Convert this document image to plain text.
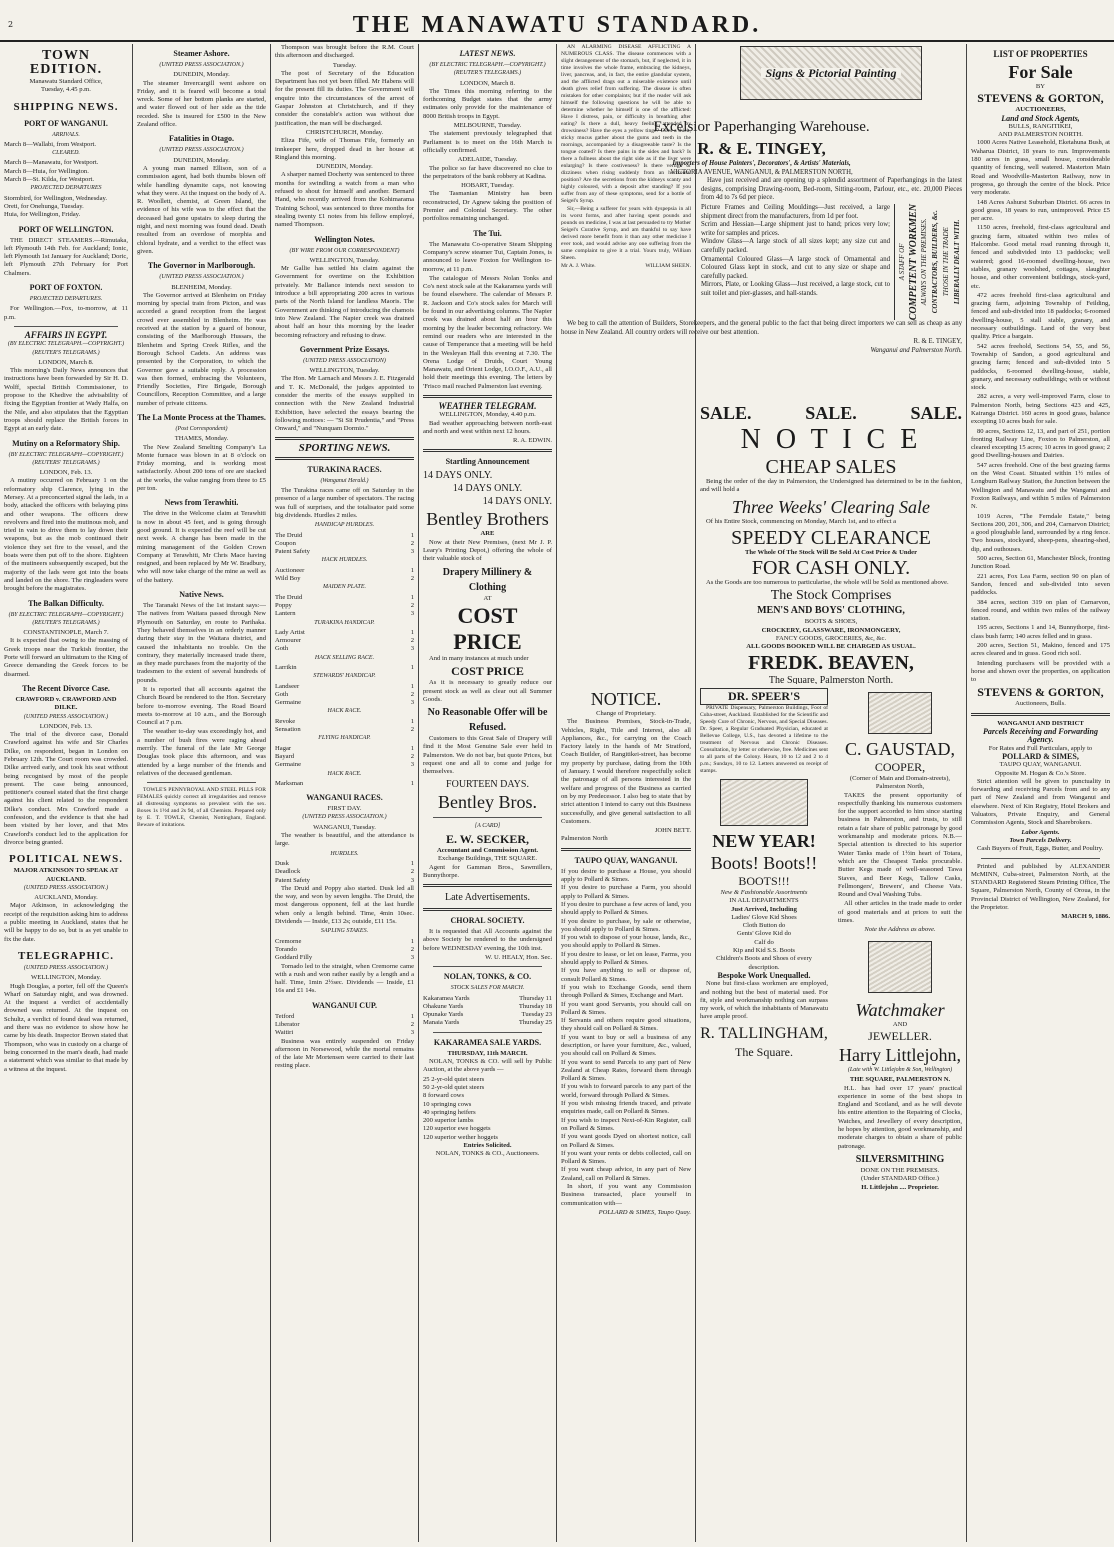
2	THE MANAWATU STANDARD.
TOWN EDITION.
Manawatu Standard Office,
Tuesday, 4.45 p.m.
SHIPPING NEWS.
PORT OF WANGANUI.
ARRIVALS.
March 8—Wallabi, from Westport.
CLEARED.
March 8—Manawatu, for Westport.
March 8—Huia, for Wellington.
March 8—St. Kilda, for Westport.
PROJECTED DEPARTURES
Stormbird, for Wellington, Wednesday.
Oreti, for Onehunga, Tuesday.
Huia, for Wellington, Friday.
PORT OF WELLINGTON.

THE DIRECT STEAMERS.—Rimutaka, left Plymouth 14th Feb. for Auckland; Ionic, left Plymouth 1st January for Auckland; Doric, left Plymouth 27th February for Port Chalmers.

PORT OF FOXTON.
PROJECTED DEPARTURES.

For Wellington.—Fox, to-morrow, at 11 p.m.

AFFAIRS IN EGYPT.
(BY ELECTRIC TELEGRAPH.—COPYRIGHT.) (REUTER'S TELEGRAMS.)
LONDON, March 8.

This morning's Daily News announces that instructions have been forwarded by Sir H. D. Wolff, special British Commissioner, to propose to the Khedive the advisability of fixing the Egyptian frontier at Wady Halfa, on the Nile, and also stipulates that the Egyptian troops should replace the British forces in Egypt at an early date.

Mutiny on a Reformatory Ship.
(BY ELECTRIC TELEGRAPH—COPYRIGHT.) (REUTERS' TELEGRAMS.)
LONDON, Feb. 13.

A mutiny occurred on February 1 on the reformatory ship Clarence, lying in the Mersey. At a preconcerted signal the lads, in a body, attacked the officers with belaying pins and other weapons. The officers drew revolvers and fired into the mutinous mob, and tried in vain to drive them to lay down their weapons, but as the mob continued their violence they set fire to the vessel, and the boats were then put off to the shore. Eighteen of the mutineers subsequently escaped, but the majority of the lads were got into the boats and landed on the shore. The ringleaders were brought before the magistrates.

The Balkan Difficulty.
(BY ELECTRIC TELEGRAPH—COPYRIGHT.) (REUTER'S TELEGRAMS.)
CONSTANTINOPLE, March 7.

It is expected that owing to the massing of Greek troops near the Turkish frontier, the Porte will forward an ultimatum to the King of Greece demanding the Greek forces to be disarmed.

The Recent Divorce Case.
CRAWFORD v. CRAWFORD AND DILKE.
(UNITED PRESS ASSOCIATION.)
LONDON, Feb. 13.

The trial of the divorce case, Donald Crawford against his wife and Sir Charles Dilke, on respondent, began in London on February 12th. The Court room was crowded. Dilke arrived early, and took his seat without being recognised by most of the people present. The case being announced, petitioner's counsel stated that the first charge against his client related to the respondent Dilke's conduct. Mrs Crawford made a confession, and the evidence is that she had been visited by her lover, and that Mrs Crawford's conduct led to the application for divorce being granted.

POLITICAL NEWS.
MAJOR ATKINSON TO SPEAK AT AUCKLAND.
(UNITED PRESS ASSOCIATION.)
AUCKLAND, Monday.

Major Atkinson, in acknowledging the receipt of the requisition asking him to address a public meeting in Auckland, states that he will be happy to do so, but is as yet unable to fix the date.

TELEGRAPHIC.
(UNITED PRESS ASSOCIATION.)
WELLINGTON, Monday.

Hugh Douglas, a porter, fell off the Queen's Wharf on Saturday night, and was drowned. At the inquest a verdict of accidentally drowned was returned. At the inquest on Schultz, a verdict of found dead was returned, and there was no evidence to show how he came by his death. Inspector Brown stated that Thompson, who was in custody on a charge of being concerned in the man's death, had made a statement which was similar to that made by a witness at the inquest.

Steamer Ashore.
(UNITED PRESS ASSOCIATION.)
DUNEDIN, Monday.

The steamer Invercargill went ashore on Friday, and it is feared will become a total wreck. Some of her bottom planks are started, and water flowed out of her side as the tide receded. She is insured for £500 in the New Zealand office.

Fatalities in Otago.
(UNITED PRESS ASSOCIATION.)
DUNEDIN, Monday.

A young man named Ellison, son of a commission agent, had both thumbs blown off while handling dynamite caps, not knowing what they were. At the inquest on the body of A. R. Woollett, chemist, at Green Island, the evidence of his wife was to the effect that the deceased had gone upstairs to sleep during the night, and next morning was found dead. Death resulted from an overdose of morphia and chloral hydrate, and a verdict to the effect was given.

The Governor in Marlborough.
(UNITED PRESS ASSOCIATION.)
BLENHEIM, Monday.

The Governor arrived at Blenheim on Friday morning by special train from Picton, and was accorded a grand reception from the largest crowd ever assembled in Blenheim. He was received at the station by a guard of honour, consisting of the Marlborough Hussars, the Blenheim and Spring Creek Rifles, and the Borough School Cadets. An address was presented by the Corporation, to which the Governor gave a suitable reply. A procession was then formed, embracing the Volunteers, Friendly Societies, Fire Brigade, Borough Councillors, Reception Committee, and a large number of private citizens.

The La Monte Process at the Thames.
(Post Correspondent)
THAMES, Monday.

The New Zealand Smelting Company's La Monte furnace was blown in at 8 o'clock on Friday morning, and is working most satisfactorily. About 200 tons of ore are stacked at the works, the value ranging from three to £5 per ton.

News from Terawhiti.

The drive in the Welcome claim at Terawhiti is now in about 45 feet, and is going through good ground. It is expected the reef will be cut next week. A change has been made in the mining management of the Golden Crown Company at Terawhiti, Mr Chris Mace having resigned, and been replaced by Mr W. Bradbury, who will now take charge of the mine as well as of the battery.

Native News.

The Taranaki News of the 1st instant says:—The natives from Waitara passed through New Plymouth on Saturday, en route to Parihaka. They behaved themselves in an orderly manner during their stay in the Waitara district, and caused the inhabitants no trouble. On the contrary, they materially increased trade there, as they made purchases from the majority of the tradesmen to the extent of several hundreds of pounds.

It is reported that all accounts against the Church Board be rendered to the Hon. Secretary before to-morrow evening. The Road Board meets to-morrow at 10 a.m., and the Borough Council at 7 p.m.

The weather to-day was exceedingly hot, and a number of bush fires were raging ahead merrily. The funeral of the late Mr George Douglas took place this afternoon, and was attended by a large number of the friends and relatives of the deceased gentleman.

TOWLE'S PENNYROYAL AND STEEL PILLS FOR FEMALES quickly correct all irregularities and remove all distressing symptoms so prevalent with the sex. Boxes 1s 1½d and 2s 9d, of all Chemists. Prepared only by E. T. TOWLE, Chemist, Nottingham, England. Beware of imitations.

Thompson was brought before the R.M. Court this afternoon and discharged.

Tuesday.

The post of Secretary of the Education Department has not yet been filled. Mr Habens will for the present fill its duties. The Government will enquire into the circumstances of the arrest of Gaspar Johnston at Christchurch, and if they consider the constable's action was without due justification, the man will be discharged.

CHRISTCHURCH, Monday.

Eliza Fife, wife of Thomas Fife, formerly an innkeeper here, dropped dead in her house at Ringland this morning.

DUNEDIN, Monday.

A sharper named Docherty was sentenced to three months for swindling a watch from a man who refused to shout for himself and another. Bernard Hand, who recently arrived from the Kohimarama Training School, was sentenced to three months for stealing twenty £1 notes from his fellow employé, named Thompson.

Wellington Notes.
(BY WIRE FROM OUR CORRESPONDENT)
WELLINGTON, Tuesday.

Mr Gallie has settled his claim against the Government for overtime on the Exhibition privately. Mr Ballance intends next session to introduce a bill appropriating 200 acres in various parts of the North Island for landless Maoris. The Government are thinking of introducing the chamois into New Zealand. The Napier creek was drained about half an hour this morning by the leader becoming refractory and refusing to draw.

Government Prize Essays.
(UNITED PRESS ASSOCIATION)
WELLINGTON, Tuesday.

The Hon. Mr Larnach and Messrs J. E. Fitzgerald and T. K. McDonald, the judges appointed to consider the merits of the essays supplied in connection with the New Zealand Industrial Exhibition, have selected the essays bearing the following mottoes: — "Si Sit Prudentia," and "Press Onward," and "Nunquam Dormio."

SPORTING NEWS.
TURAKINA RACES.
(Wanganui Herald.)

The Turakina races came off on Saturday in the presence of a large number of spectators. The racing was full of surprises, and the totalisator paid some big dividends. Hurdles 2 miles.

HANDICAP HURDLES.
The Druid	1
Coupon	2
Patent Safety	3
HACK HURDLES.
Auctioneer	1
Wild Boy	2
MAIDEN PLATE.
The Druid	1
Poppy	2
Lantern	3
TURAKINA HANDICAP.
Lady Artist	1
Armourer	2
Goth	3
HACK SELLING RACE.
Larrikin	1
STEWARDS' HANDICAP.
Landseer	1
Goth	2
Germaine	3
HACK RACE.
Revoke	1
Sensation	2
FLYING HANDICAP.
Hagar	1
Bayard	2
Germaine	3
HACK RACE.
Marksman	1
WANGANUI RACES.
FIRST DAY.
(UNITED PRESS ASSOCIATION.)
WANGANUI, Tuesday.

The weather is beautiful, and the attendance is large.

HURDLES.
Dusk	1
Deadlock	2
Patent Safety	3

The Druid and Poppy also started. Dusk led all the way, and won by seven lengths. The Druid, the most dangerous opponent, fell at the last hurdle when only a length behind. Time, 4min 10sec. Dividends — Inside, £13 2s; outside, £11 15s.

SAPLING STAKES.
Cremorne	1
Torando	2
Goddard Filly	3

Tornado led to the straight, when Cremorne came with a rush and won rather easily by a length and a half. Time, 1min 2½sec. Dividends — Inside, £1 16s and £1 14s.

WANGANUI CUP.
Tetford	1
Liberator	2
Waitiri	3

Business was entirely suspended on Friday afternoon in Norsewood, while the mortal remains of the late Mr Mortensen were carried to their last resting place.

LATEST NEWS.
(BY ELECTRIC TELEGRAPH.—COPYRIGHT.) (REUTER'S TELEGRAMS.)
LONDON, March 8.

The Times this morning referring to the forthcoming Budget states that the army estimates only provide for the maintenance of 8000 British troops in Egypt.

MELBOURNE, Tuesday.

The statement previously telegraphed that Parliament is to meet on the 16th March is officially confirmed.

ADELAIDE, Tuesday.

The police so far have discovered no clue to the perpetrators of the bank robbery at Kadina.

HOBART, Tuesday.

The Tasmanian Ministry has been reconstructed, Dr Agnew taking the position of Premier and Colonial Secretary. The other portfolios remaining unchanged.

The Tui.

The Manawatu Co-operative Steam Shipping Company's screw steamer Tui, Captain Jones, is announced to leave Foxton for Wellington to-morrow, at 11 p.m.

The catalogue of Messrs Nolan Tonks and Co's next stock sale at the Kakaramea yards will be found elsewhere. The calendar of Messrs P. R. Jackson and Co's stock sales for March will be found in our advertising columns. The Napier creek was drained about half an hour this morning by the leader becoming refractory. We remind our readers who are interested in the cause of Temperance that a meeting will be held in the Wesleyan Hall this evening at 7.30. The Orena Lodge of Druids, Court Young Manawatu, and Orient Lodge, I.O.O.F., A.U., all hold their meetings this evening. The letters by 'Frisco mail reached Palmerston last evening.

WEATHER TELEGRAM.
WELLINGTON, Monday, 4.40 p.m.

Bad weather approaching between north-east and north and west within next 12 hours.

R. A. EDWIN.
Startling Announcement
14 DAYS ONLY.
14 DAYS ONLY.
14 DAYS ONLY.
Bentley Brothers
ARE

Now at their New Premises, (next Mr J. P. Leary's Printing Depot,) offering the whole of their valuable stock of

Drapery Millinery & Clothing
AT
COST PRICE

And in many instances at much under

COST PRICE

As it is necessary to greatly reduce our present stock as well as clear out all Summer Goods.

No Reasonable Offer will be Refused.

Customers to this Great Sale of Drapery will find it the Most Genuine Sale ever held in Palmerston. We do not bar, but quote Prices, but request one and all to come and judge for themselves.

FOURTEEN DAYS.
Bentley Bros.
[A CARD]
E. W. SECKER,
Accountant and Commission Agent.
Exchange Buildings, THE SQUARE.

Agent for Gamman Bros., Sawmillers, Bunnythorpe.

Late Advertisements.
CHORAL SOCIETY.

It is requested that All Accounts against the above Society be rendered to the undersigned before WEDNESDAY evening, the 10th inst.

W. U. HEALY, Hon. Sec.
NOLAN, TONKS, & CO.
STOCK SALES FOR MARCH.
Kakaramea Yards	Thursday 11
Ohakune Yards	Thursday 18
Opunake Yards	Tuesday 23
Manaia Yards	Thursday 25
KAKARAMEA SALE YARDS.
THURSDAY, 11th MARCH.

NOLAN, TONKS & CO. will sell by Public Auction, at the above yards —

25 2-yr-old quiet steers
50 2-yr-old quiet steers
8 forward cows
10 springing cows
40 springing heifers
200 superior lambs
120 superior ewe hoggets
120 superior wether hoggets
Entries Solicited.
NOLAN, TONKS & CO., Auctioneers.

AN ALARMING DISEASE AFFLICTING A NUMEROUS CLASS. The disease commences with a slight derangement of the stomach, but, if neglected, it in time involves the whole frame, embracing the kidneys, liver, pancreas, and, in fact, the entire glandular system, and the afflicted drags out a miserable existence until death gives relief from suffering. The disease is often mistaken for other complaints; but if the reader will ask himself the following questions he will be able to determine whether he himself is one of the afflicted: Have I distress, pain, or difficulty in breathing after eating? Is there a dull, heavy feeling, attended by drowsiness? Have the eyes a yellow tinge? Does a thick, sticky mucus gather about the gums and teeth in the mornings, accompanied by a disagreeable taste? Is the tongue coated? Is there pains in the sides and back? Is there a fullness about the right side as if the liver were enlarging? Is there costiveness? Is there vertigo or dizziness when rising suddenly from an horizontal position? Are the secretions from the kidneys scanty and highly coloured, with a deposit after standing? If you suffer from any of these symptoms, send for a bottle of Seigel's Syrup.

Sir,—Being a sufferer for years with dyspepsia in all its worst forms, and after having spent pounds and pounds on medicine, I was at last persuaded to try Mother Seigel's Curative Syrup, and am thankful to say have derived more benefit from it than any other medicine I ever took, and would advise any one suffering from the same complaint to give it a trial. Yours truly, William Sheen.

Mr A. J. White.	WILLIAM SHEEN.
Signs & Pictorial Painting
Excelsior Paperhanging Warehouse.
R. & E. TINGEY,
Importers of House Painters', Decorators', & Artists' Materials,
VICTORIA AVENUE, WANGANUI, & PALMERSTON NORTH,

Have just received and are opening up a splendid assortment of Paperhangings in the latest designs, comprising Drawing-room, Bed-room, Sitting-room, Parlour, etc., etc. 20,000 Pieces from 4d to 7s 6d per piece.

Picture Frames and Ceiling Mouldings—Just received, a large shipment direct from the manufacturers, from 1d per foot.
Scrim and Hessian—Large shipment just to hand; prices very low; write for samples and prices.
Window Glass—A large stock of all sizes kept; any size cut and carefully packed.
Ornamental Coloured Glass—A large stock of Ornamental and Coloured Glass kept in stock, and cut to any size or shape and carefully packed.
Mirrors, Plate, or Looking Glass—Just received, a large stock, cut to suit toilet and pier-glasses, and hall-stands.
A STAFF OF COMPETENT WORKMEN ALWAYS ON THE PREMISES. CONTRACTORS, BUILDERS, &c. THOSE IN THE TRADE LIBERALLY DEALT WITH.

We beg to call the attention of Builders, Storekeepers, and the general public to the fact that being direct importers we can sell as cheap as any house in New Zealand. All country orders will receive our best attention.

R. & E. TINGEY,
Wanganui and Palmerston North.
SALE.	SALE.	SALE.
N O T I C E
CHEAP SALES

Being the order of the day in Palmerston, the Undersigned has determined to be in the fashion, and will hold a

Three Weeks' Clearing Sale

Of his Entire Stock, commencing on Monday, March 1st, and to effect a

SPEEDY CLEARANCE
The Whole Of The Stock Will Be Sold At Cost Price & Under
FOR CASH ONLY.

As the Goods are too numerous to particularise, the whole will be Sold as mentioned above.

The Stock Comprises
MEN'S AND BOYS' CLOTHING,
BOOTS & SHOES,
CROCKERY, GLASSWARE, IRONMONGERY,
FANCY GOODS, GROCERIES, &c, &c.
ALL GOODS BOOKED WILL BE CHARGED AS USUAL.
FREDK. BEAVEN,
The Square, Palmerston North.
NOTICE.
Change of Proprietary.

The Business Premises, Stock-in-Trade, Vehicles, Right, Title and Interest, also all Appliances, &c., for carrying on the Coach Factory lately in the hands of Mr Stratford, Coach Builder, of Rangitikei-street, has become my property by purchase, dating from the 10th of January. I would therefore respectfully solicit the patronage of all persons interested in the welfare and progress of the Business as carried on by my Predecessor. I also beg to state that by strict attention I intend to carry out this Business successfully, and give general satisfaction to all Customers.

JOHN BETT.
Palmerston North
TAUPO QUAY, WANGANUI.
If you desire to purchase a House, you should apply to Pollard & Simes.
If you desire to purchase a Farm, you should apply to Pollard & Simes.
If you desire to purchase a few acres of land, you should apply to Pollard & Simes.
If you desire to purchase, by sale or otherwise, you should apply to Pollard & Simes.
If you wish to dispose of your house, lands, &c., you should apply to Pollard & Simes.
If you desire to lease, or let on lease, Farms, you should apply to Pollard & Simes.
If you have anything to sell or dispose of, consult Pollard & Simes.
If you wish to Exchange Goods, send them through Pollard & Simes, Exchange and Mart.
If you want good Servants, you should call on Pollard & Simes.
If Servants and others require good situations, they should call on Pollard & Simes.
If you want to buy or sell a business of any description, or have your furniture, &c., valued, you should call on Pollard & Simes.
If you want to send Parcels to any part of New Zealand at Cheap Rates, forward them through Pollard & Simes.
If you wish to forward parcels to any part of the world, forward through Pollard & Simes.
If you wish missing friends traced, and private enquiries made, call on Pollard & Simes.
If you wish to inspect Next-of-Kin Register, call on Pollard & Simes.
If you want goods Dyed on shortest notice, call on Pollard & Simes.
If you want your rents or debts collected, call on Pollard & Simes.
If you want cheap advice, in any part of New Zealand, call on Pollard & Simes.

In short, if you want any Commission Business transacted, place yourself in communication with—

POLLARD & SIMES, Taupo Quay.
DR. SPEER'S

PRIVATE Dispensary, Palmerston Buildings, Foot of Cuba-street, Auckland. Established for the Scientific and Speedy Cure of Chronic, Nervous, and Special Diseases. Dr. Speer, a Regular Graduated Physician, educated at Bellevue College, U.S., has devoted a lifetime to the treatment of Nervous and Chronic Diseases. Consultation, by letter or otherwise, free. Medicines sent to all parts of the Colony. Hours, 10 to 12 and 2 to 4 p.m.; Sundays, 10 to 12. Letters answered on receipt of stamps.

NEW YEAR!
Boots! Boots!!
BOOTS!!!
New & Fashionable Assortments
IN ALL DEPARTMENTS
Just Arrived, Including
Ladies' Glove Kid Shoes
Cloth Button do
Gents' Glove Kid do
Calf do
Kip and Kid S.S. Boots
Children's Boots and Shoes of every description.
Bespoke Work Unequalled.

None but first-class workmen are employed, and nothing but the best of material used. For fit, style and workmanship nothing can surpass my work, of which the inhabitants of Manawatu have ample proof.

R. TALLINGHAM,
The Square.
C. GAUSTAD,
COOPER,
(Corner of Main and Domain-streets), Palmerston North,

TAKES the present opportunity of respectfully thanking his numerous customers for the support accorded to him since starting business in Palmerston, and trusts, to still retain a fair share of public patronage by good workmanship and moderate prices. N.B.—Special attention is directed to his superior Water Tanks made of 1½in heart of Totara, which are the Cheapest Tanks procurable. Butter Kegs made of well-seasoned Tawa Staves, and Beer Kegs, Tallow Casks, Fellmongers', Brewers', and Cheese Vats. Round and Oval Washing Tubs.

All other articles in the trade made to order of good materials and at prices to suit the times.

Note the Address as above.
Watchmaker
AND
JEWELLER.
Harry Littlejohn,
(Late with W. Littlejohn & Son, Wellington)
THE SQUARE, PALMERSTON N.

H.L. has had over 17 years' practical experience in some of the best shops in England and Scotland, and as he will devote his entire attention to the Repairing of Clocks, Watches, and Jewellery of every description, he hopes by attention, good workmanship, and moderate charges to obtain a share of public patronage.

SILVERSMITHING
DONE ON THE PREMISES.
(Under STANDARD Office.)
H. Littlejohn .... Proprietor.
LIST OF PROPERTIES
For Sale
BY
STEVENS & GORTON,
AUCTIONEERS,
Land and Stock Agents,
BULLS, RANGITIKEI,
AND PALMERSTON NORTH.

1000 Acres Native Leasehold, Eketahuna Bush, at Waharua District, 18 years to run. Improvements 180 acres in grass, small house, considerable quantity of fencing, well watered. Masterton Main Road and Woodville-Masterton Railway, now in progress, go through the centre of the block. Price very moderate.

148 Acres Ashurst Suburban District. 66 acres in good grass, 18 years to run, unimproved. Price £5 per acre.

1150 acres, freehold, first-class agricultural and grazing farm, situated within two miles of Halcombe. Good metal road running through it, fenced and subdivided into 13 paddocks; well watered; good 16-roomed dwelling-house, two stables, granary woolshed, cottages, slaughter house, and other convenient buildings, stock-yard, etc.

472 acres freehold first-class agricultural and grazing farm, adjoining Township of Feilding, fenced and sub-divided into 18 paddocks; 6-roomed dwelling-house, 5 stall stable, granary, and necessary outbuildings. Land of the very best quality. Price a bargain.

542 acres freehold, Sections 54, 55, and 56, Township of Sandon, a good agricultural and grazing farm; fenced and sub-divided into 5 paddocks, 6-roomed dwelling-house, stable, granary, and necessary outbuildings; with or without stock.

282 acres, a very well-improved Farm, close to Palmerston North, being Sections 423 and 425, Kairanga District. 160 acres in good grass, balance excepting 10 acres bush for sale.

80 acres, Sections 12, 13, and part of 251, portion fronting Railway Line, Foxton to Palmerston, all cleared excepting 15 acres; 10 acres in good grass; 2 good Dwelling-houses and Dairies.

547 acres freehold. One of the best grazing farms on the West Coast. Situated within 1½ miles of Longburn Railway Station, the Junction between the Wellington and Manawatu and the Wanganui and Foxton Railways, and within 5 miles of Palmerston N.

1019 Acres, "The Ferndale Estate," being Sections 200, 201, 306, and 204, Carnarvon District; a good ploughable land, surrounded by a ring fence. Two houses, stockyard, sheep-pens, shearing-shed, dip, and outhouses.

500 acres, Section 61, Manchester Block, fronting Junction Road.

221 acres, Fox Lea Farm, section 90 on plan of Sandon, fenced and sub-divided into seven paddocks.

384 acres, section 319 on plan of Carnarvon, fenced round, and within two miles of the railway station.

195 acres, Sections 1 and 14, Bunnythorpe, first-class bush farm; 140 acres felled and in grass.

200 acres, Section 51, Makino, fenced and 175 acres cleared and in grass. Good rich soil.

Intending purchasers will be provided with a horse and shown over the properties, on application to

STEVENS & GORTON,
Auctioneers, Bulls.
WANGANUI AND DISTRICT
Parcels Receiving and Forwarding Agency.
For Rates and Full Particulars, apply to
POLLARD & SIMES,
TAUPO QUAY, WANGANUI.
Opposite M. Hogan & Co.'s Store.

Strict attention will be given to punctuality in forwarding and receiving Parcels from and to any part of New Zealand and from Wanganui and elsewhere. Next of Kin Registry, Hotel Brokers and Valuators, Private Enquiry, and General Commission Agents, Stock and Sharebrokers.

Labor Agents.
Town Parcels Delivery.

Cash Buyers of Fruit, Eggs, Butter, and Poultry.

Printed and published by ALEXANDER McMINN, Cuba-street, Palmerston North, at the STANDARD Registered Steam Printing Office, The Square, Palmerston North, County of Oroua, in the Provincial District of Wellington, New Zealand, for the Proprietor.

MARCH 9, 1886.
